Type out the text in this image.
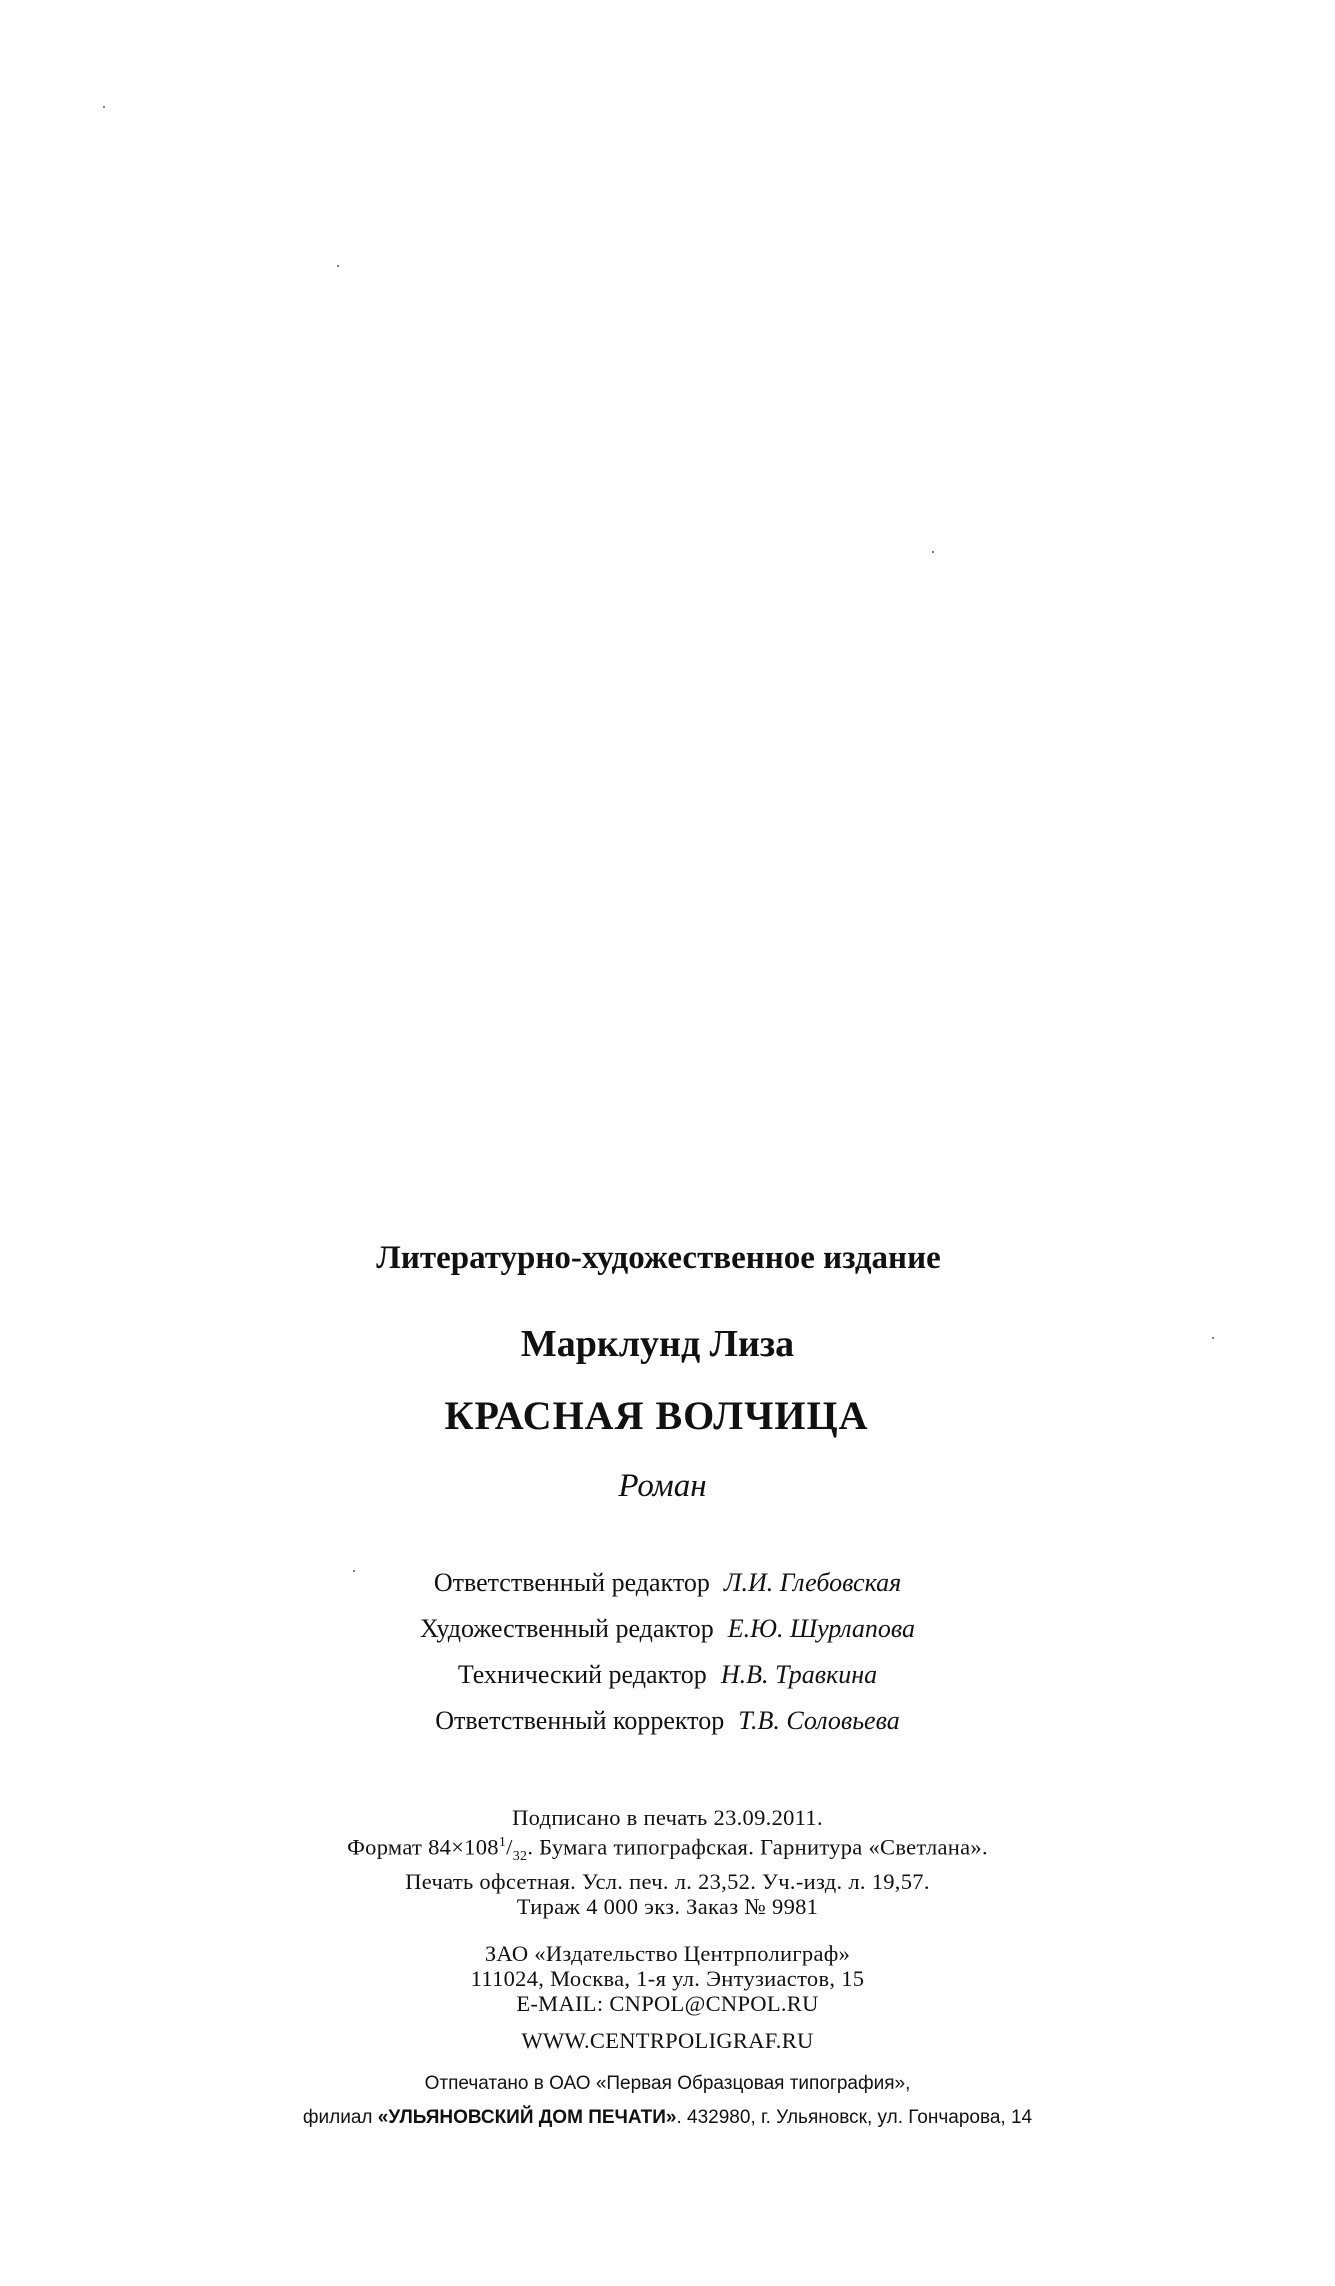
Литературно-художественное издание
Марклунд Лиза
КРАСНАЯ ВОЛЧИЦА
Роман
Ответственный редактор Л.И. Глебовская
Художественный редактор Е.Ю. Шурлапова
Технический редактор Н.В. Травкина
Ответственный корректор Т.В. Соловьева
Подписано в печать 23.09.2011.
Формат $84\times 108^1/_{32}$. Бумага типографская. Гарнитура «Светлана».
Печать офсетная. Усл. печ. л. 23,52. Уч.-изд. л. 19,57.
Тираж 4 000 экз. Заказ № 9981
ЗАО «Издательство Центрполиграф»
111024, Москва, 1-я ул. Энтузиастов, 15
E-MAIL: CNPOL@CNPOL.RU
WWW.CENTRPOLIGRAF.RU
Отпечатано в ОАО «Первая Образцовая типография»,
филиал «УЛЬЯНОВСКИЙ ДОМ ПЕЧАТИ». 432980, г. Ульяновск, ул. Гончарова, 14
